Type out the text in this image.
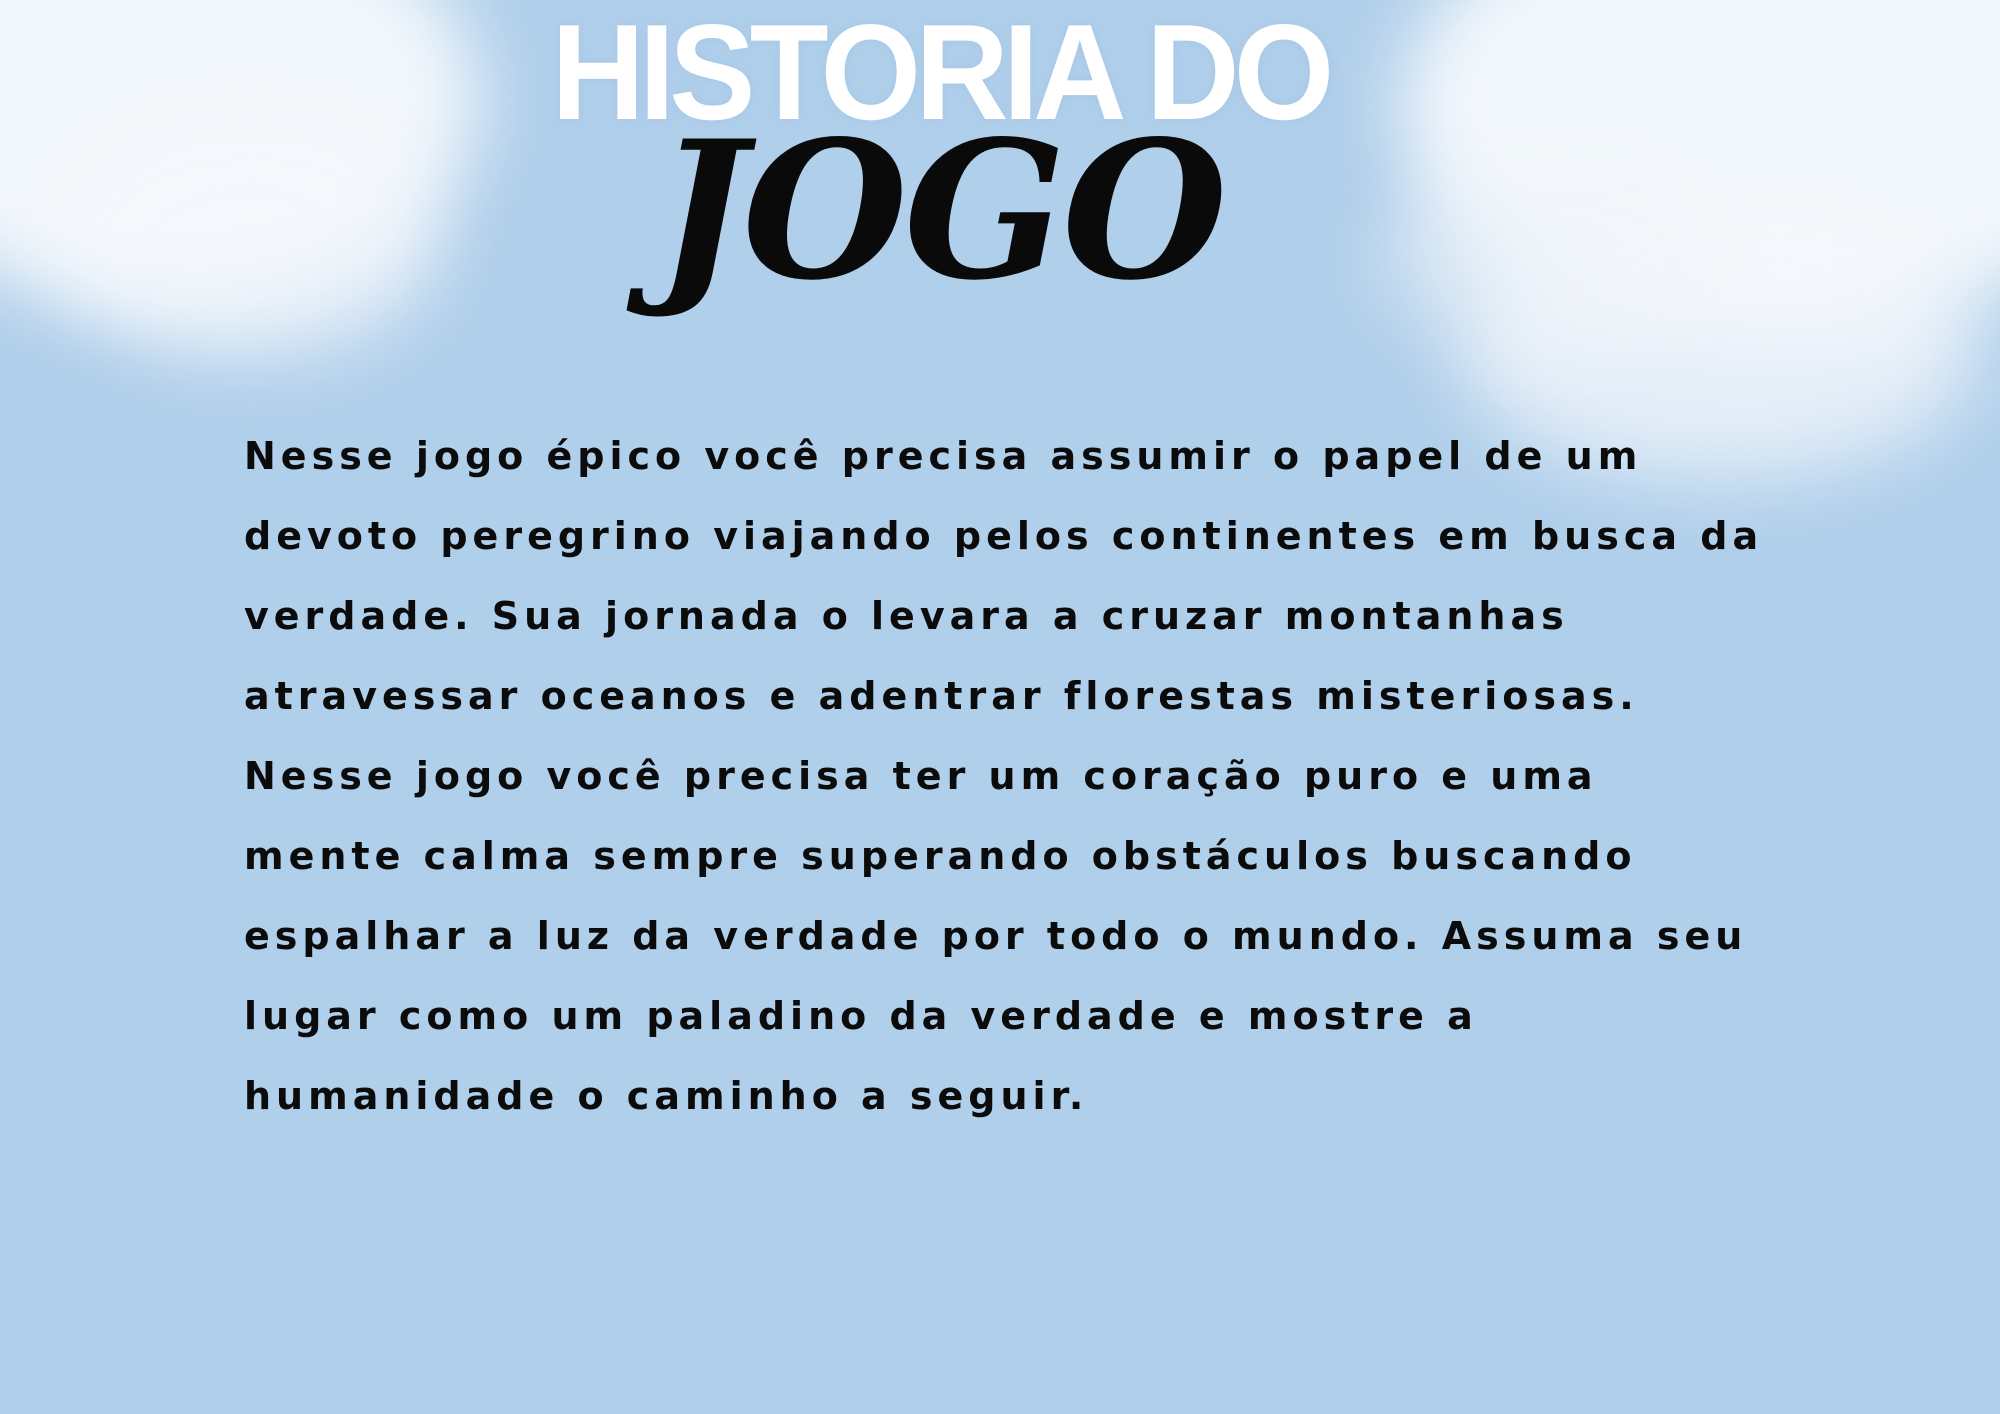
HISTORIA DO
JOGO

Nesse jogo épico você precisa assumir o papel de um devoto peregrino viajando pelos continentes em busca da verdade. Sua jornada o levara a cruzar montanhas atravessar oceanos e adentrar florestas misteriosas. Nesse jogo você precisa ter um coração puro e uma mente calma sempre superando obstáculos buscando espalhar a luz da verdade por todo o mundo. Assuma seu lugar como um paladino da verdade e mostre a humanidade o caminho a seguir.
